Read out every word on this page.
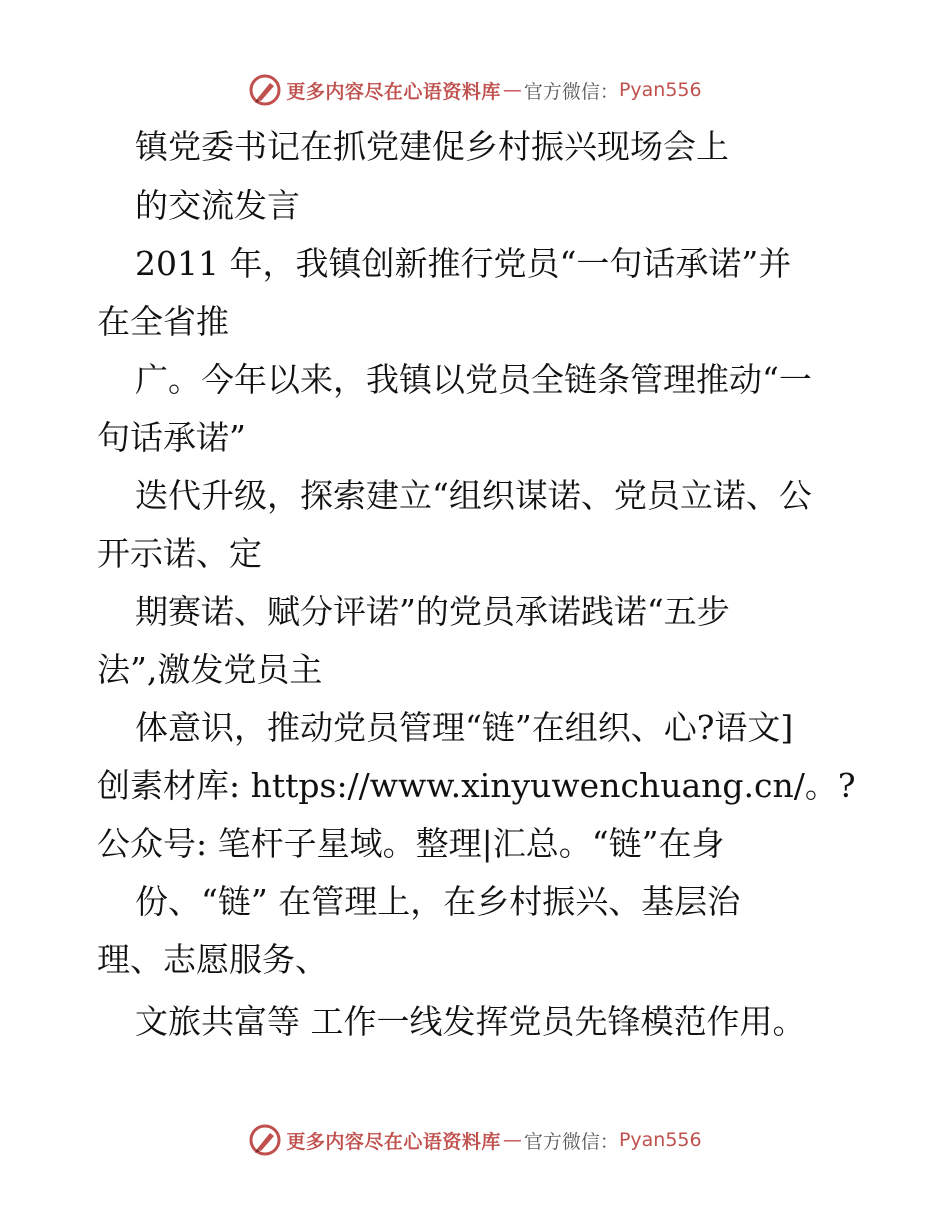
更多内容尽在心语资料库 — 官方微信： Pyan556
镇党委书记在抓党建促乡村振兴现场会上
的交流发言
2011 年，我镇创新推行党员“一句话承诺”并
在全省推
广。今年以来，我镇以党员全链条管理推动“一
句话承诺”
迭代升级，探索建立“组织谋诺、党员立诺、公
开示诺、定
期赛诺、赋分评诺”的党员承诺践诺“五步
法”,激发党员主
体意识，推动党员管理“链”在组织、心?语文]
创素材库: https://www.xinyuwenchuang.cn/。?
公众号: 笔杆子星域。整理|汇总。“链”在身
份、“链” 在管理上，在乡村振兴、基层治
理、志愿服务、
文旅共富等 工作一线发挥党员先锋模范作用。
更多内容尽在心语资料库 — 官方微信： Pyan556
